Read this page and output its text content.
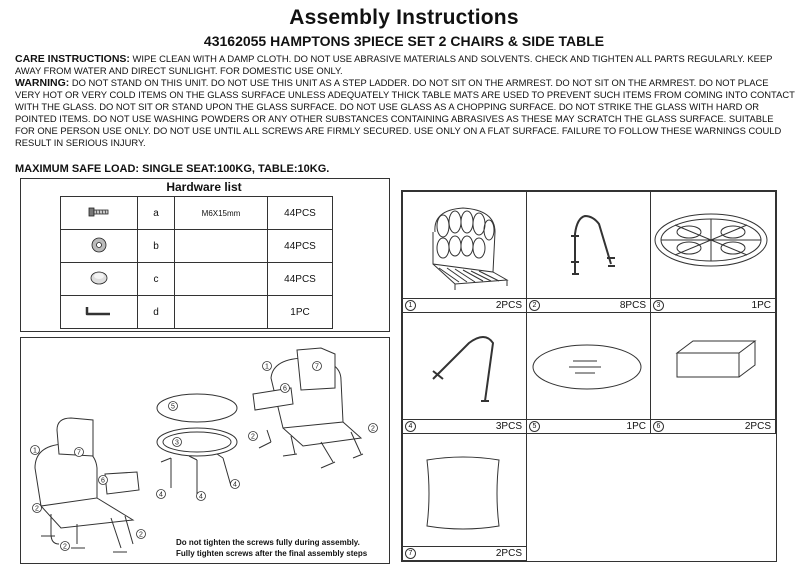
Assembly Instructions
43162055 HAMPTONS 3PIECE SET 2 CHAIRS & SIDE TABLE
CARE INSTRUCTIONS: WIPE CLEAN WITH A DAMP CLOTH. DO NOT USE ABRASIVE MATERIALS AND SOLVENTS. CHECK AND TIGHTEN ALL PARTS REGULARLY. KEEP AWAY FROM WATER AND DIRECT SUNLIGHT. FOR DOMESTIC USE ONLY.
WARNING: DO NOT STAND ON THIS UNIT. DO NOT USE THIS UNIT AS A STEP LADDER. DO NOT SIT ON THE ARMREST. DO NOT SIT ON THE ARMREST. DO NOT PLACE VERY HOT OR VERY COLD ITEMS ON THE GLASS SURFACE UNLESS ADEQUATELY THICK TABLE MATS ARE USED TO PREVENT SUCH ITEMS FROM COMING INTO CONTACT WITH THE GLASS. DO NOT SIT OR STAND UPON THE GLASS SURFACE. DO NOT USE GLASS AS A CHOPPING SURFACE. DO NOT STRIKE THE GLASS WITH HARD OR POINTED ITEMS. DO NOT USE WASHING POWDERS OR ANY OTHER SUBSTANCES CONTAINING ABRASIVES AS THESE MAY SCRATCH THE GLASS SURFACE. SUITABLE FOR ONE PERSON USE ONLY. DO NOT USE UNTIL ALL SCREWS ARE FIRMLY SECURED. USE ONLY ON A FLAT SURFACE. FAILURE TO FOLLOW THESE WARNINGS COULD RESULT IN SERIOUS INJURY.
MAXIMUM SAFE LOAD: SINGLE SEAT:100KG, TABLE:10KG.
Hardware list
	a	M6X15mm	44PCS
	b		44PCS
	c		44PCS
	d		1PC
1	2PCS	2	8PCS	3	1PC
4	3PCS	5	1PC	6	2PCS
7	2PCS
1
2
2
2
6
7
5
3
4	4
4
6
1
2
2
7
Do not tighten the screws fully during assembly.
Fully tighten screws after the final assembly steps
